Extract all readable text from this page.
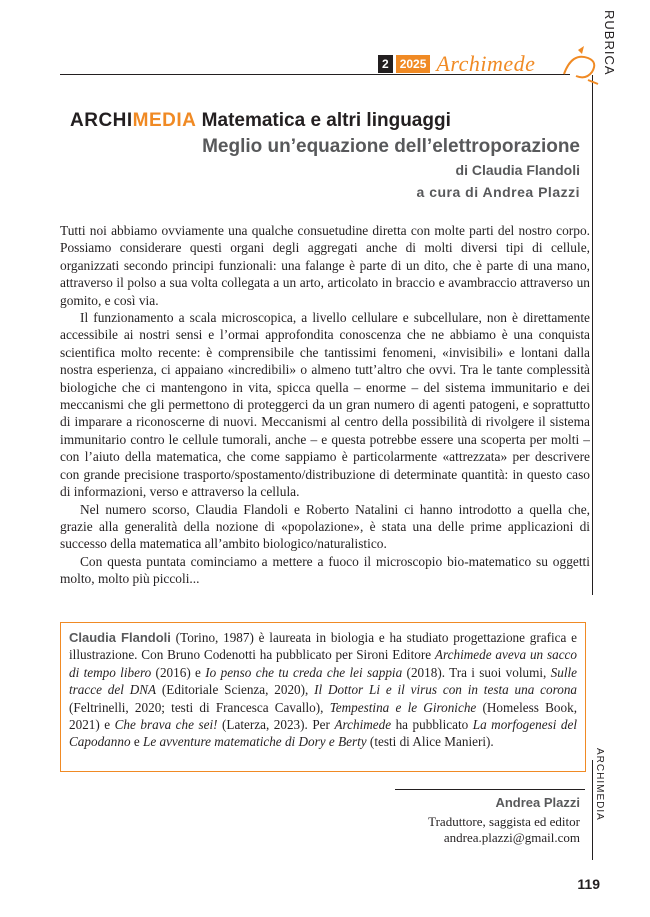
2 2025 Archimede	RUBRICA
ARCHIMEDIA Matematica e altri linguaggi
Meglio un’equazione dell’elettroporazione
di Claudia Flandoli
a cura di Andrea Plazzi

Tutti noi abbiamo ovviamente una qualche consuetudine diretta con molte parti del nostro corpo. Possiamo considerare questi organi degli aggregati anche di molti diversi tipi di cellule, organizzati secondo principi funzionali: una falange è parte di un dito, che è parte di una mano, attraverso il polso a sua volta collegata a un arto, articolato in braccio e avambraccio attraverso un gomito, e così via.

Il funzionamento a scala microscopica, a livello cellulare e subcellulare, non è direttamente accessibile ai nostri sensi e l’ormai approfondita conoscenza che ne abbiamo è una conquista scientifica molto recente: è comprensibile che tantissimi fenomeni, «invisibili» e lontani dalla nostra esperienza, ci appaiano «incredibili» o almeno tutt’altro che ovvi. Tra le tante complessità biologiche che ci mantengono in vita, spicca quella – enorme – del sistema immunitario e dei meccanismi che gli permettono di proteggerci da un gran numero di agenti patogeni, e soprattutto di imparare a riconoscerne di nuovi. Meccanismi al centro della possibilità di rivolgere il sistema immunitario contro le cellule tumorali, anche – e questa potrebbe essere una scoperta per molti – con l’aiuto della matematica, che come sappiamo è particolarmente «attrezzata» per descrivere con grande precisione trasporto/spostamento/distribuzione di determinate quantità: in questo caso di informazioni, verso e attraverso la cellula.

Nel numero scorso, Claudia Flandoli e Roberto Natalini ci hanno introdotto a quella che, grazie alla generalità della nozione di «popolazione», è stata una delle prime applicazioni di successo della matematica all’ambito biologico/naturalistico.

Con questa puntata cominciamo a mettere a fuoco il microscopio bio-matematico su oggetti molto, molto più piccoli...

Claudia Flandoli (Torino, 1987) è laureata in biologia e ha studiato progettazione grafica e illustrazione. Con Bruno Codenotti ha pubblicato per Sironi Editore Archimede aveva un sacco di tempo libero (2016) e Io penso che tu creda che lei sappia (2018). Tra i suoi volumi, Sulle tracce del DNA (Editoriale Scienza, 2020), Il Dottor Li e il virus con in testa una corona (Feltrinelli, 2020; testi di Francesca Cavallo), Tempestina e le Gironiche (Homeless Book, 2021) e Che brava che sei! (Laterza, 2023). Per Archimede ha pubblicato La morfogenesi del Capodanno e Le avventure matematiche di Dory e Berty (testi di Alice Manieri).
Andrea Plazzi
Traduttore, saggista ed editor
andrea.plazzi@gmail.com
ARCHIMEDIA
119
